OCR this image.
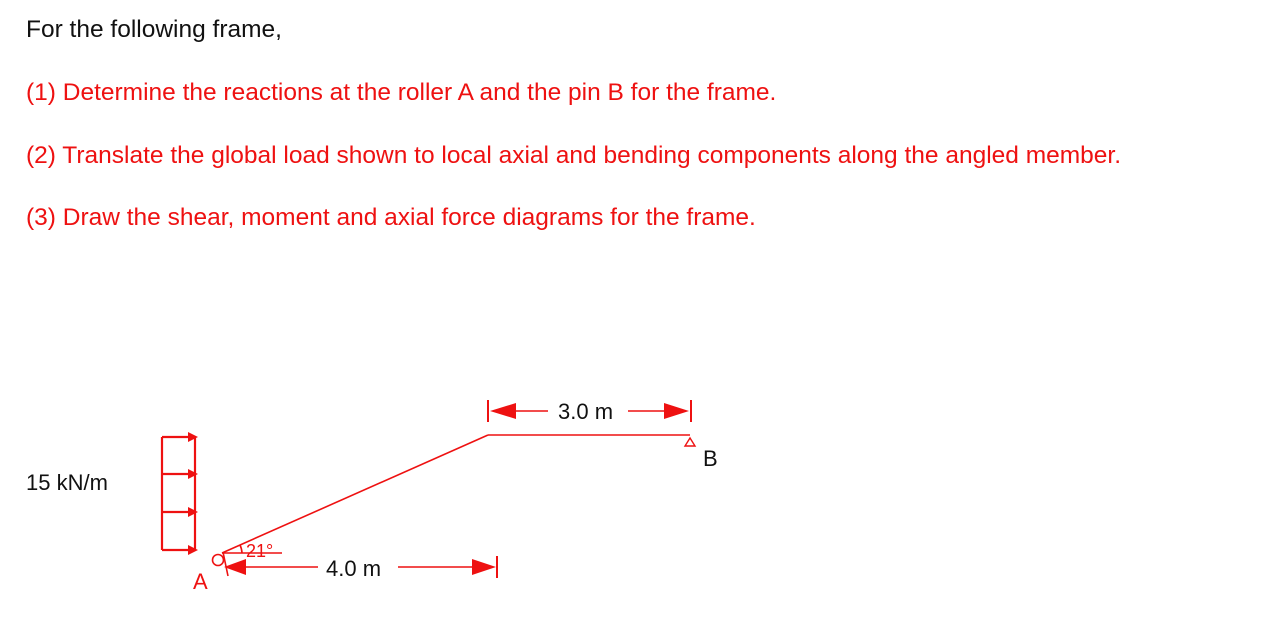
For the following frame,
(1) Determine the reactions at the roller A and the pin B for the frame.
(2) Translate the global load shown to local axial and bending components along the angled member.
(3) Draw the shear, moment and axial force diagrams for the frame.
15 kN/m
21°
B
A
3.0 m
4.0 m
